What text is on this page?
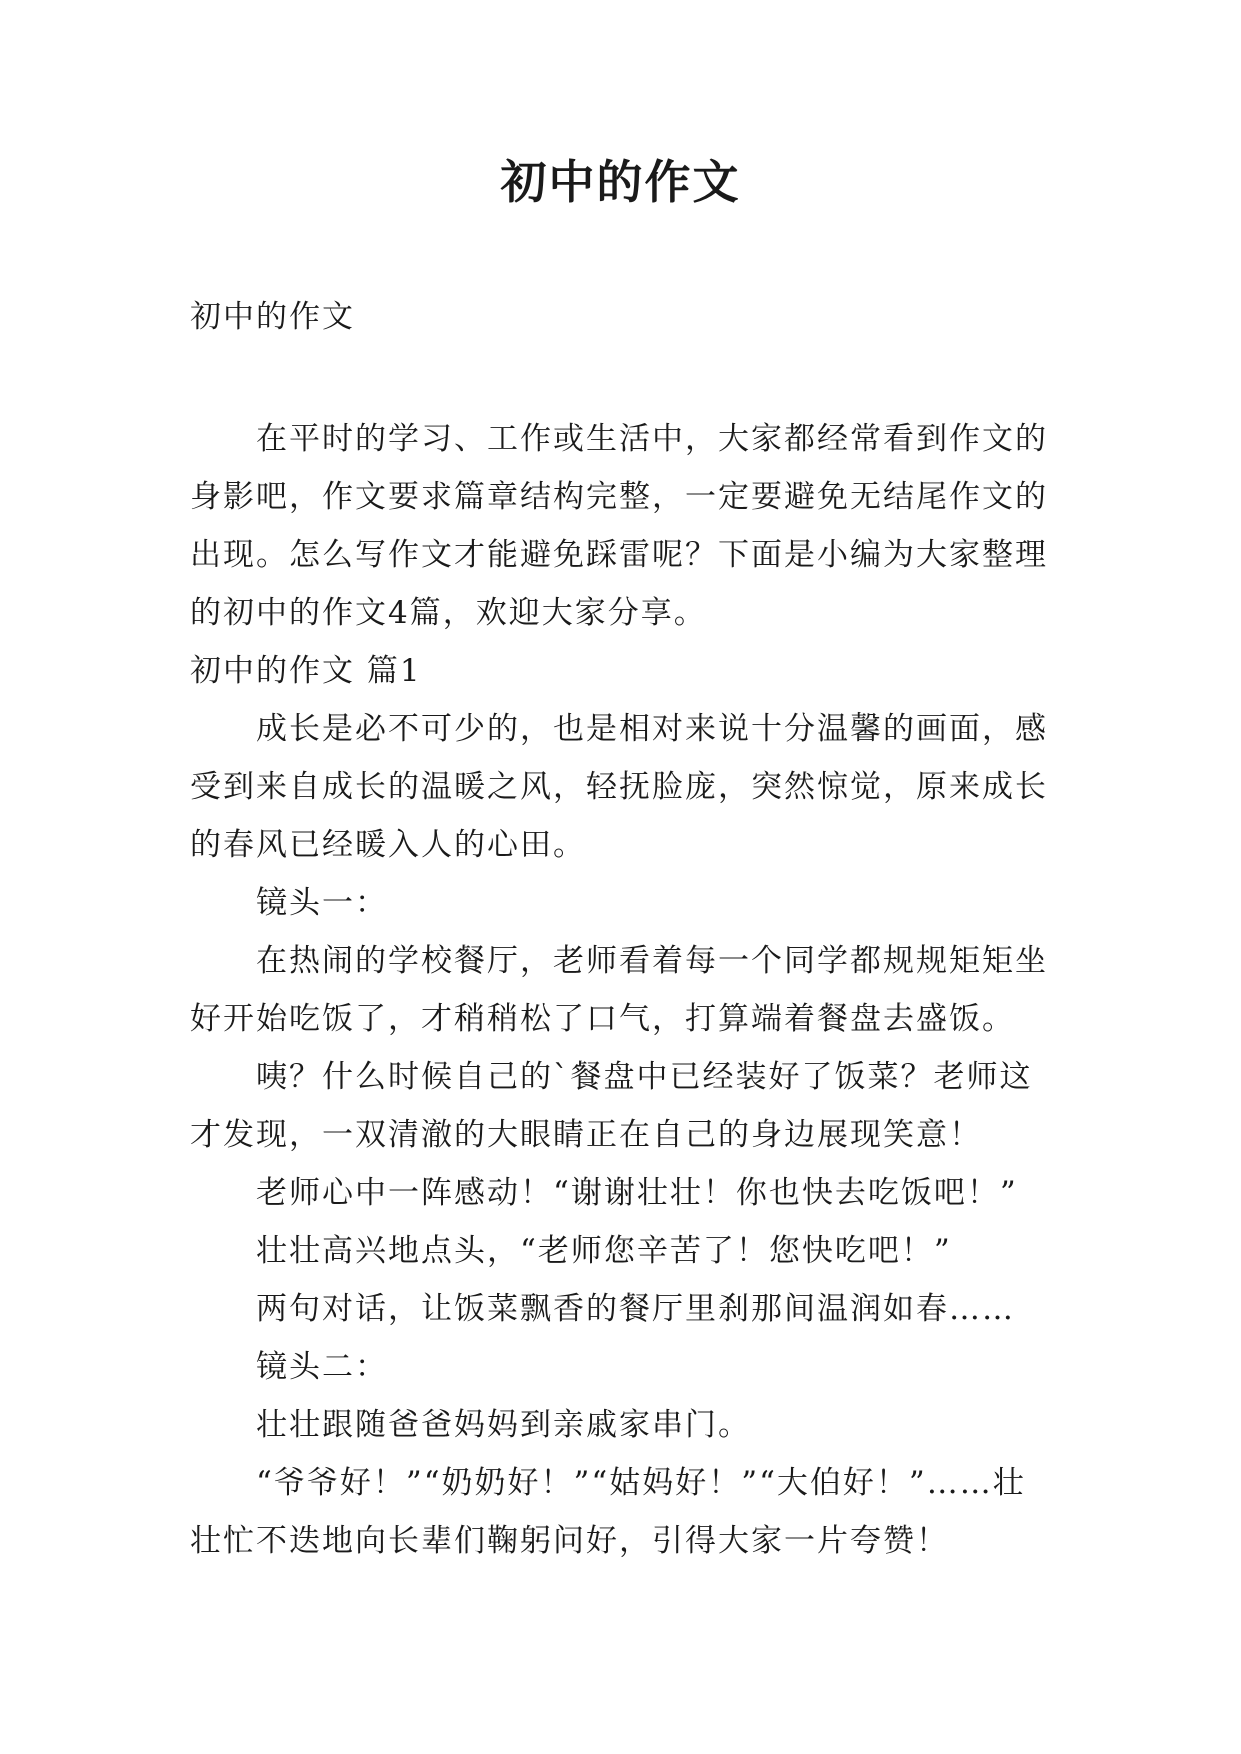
初中的作文

初中的作文

在平时的学习、工作或生活中，大家都经常看到作文的身影吧，作文要求篇章结构完整，一定要避免无结尾作文的出现。怎么写作文才能避免踩雷呢？下面是小编为大家整理的初中的作文4篇，欢迎大家分享。

初中的作文 篇1

成长是必不可少的，也是相对来说十分温馨的画面，感受到来自成长的温暖之风，轻抚脸庞，突然惊觉，原来成长的春风已经暖入人的心田。

镜头一：

在热闹的学校餐厅，老师看着每一个同学都规规矩矩坐好开始吃饭了，才稍稍松了口气，打算端着餐盘去盛饭。

咦？什么时候自己的`餐盘中已经装好了饭菜？老师这才发现，一双清澈的大眼睛正在自己的身边展现笑意！

老师心中一阵感动！“谢谢壮壮！你也快去吃饭吧！”

壮壮高兴地点头，“老师您辛苦了！您快吃吧！”

两句对话，让饭菜飘香的餐厅里刹那间温润如春……

镜头二：

壮壮跟随爸爸妈妈到亲戚家串门。

“爷爷好！”“奶奶好！”“姑妈好！”“大伯好！”……壮壮忙不迭地向长辈们鞠躬问好，引得大家一片夸赞！
